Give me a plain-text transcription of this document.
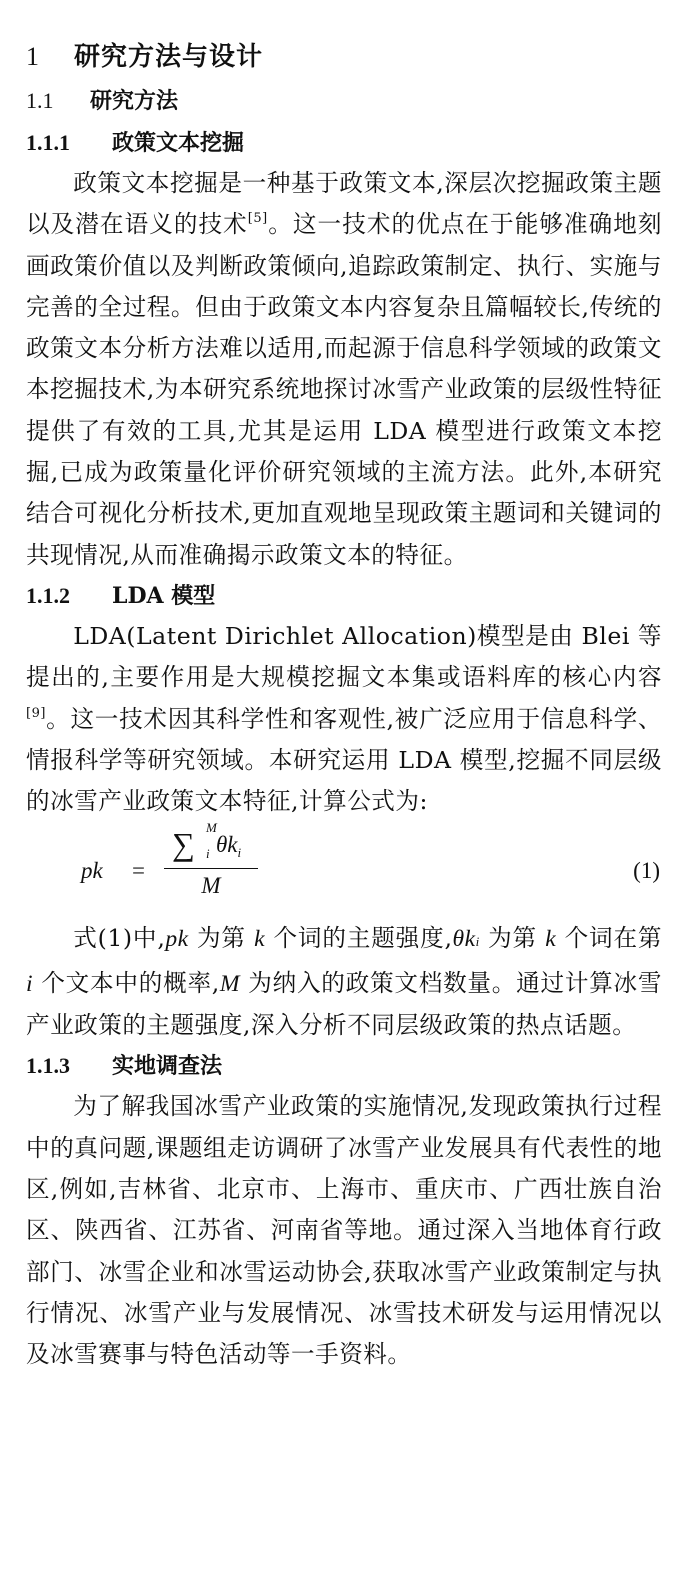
1 研究方法与设计
1.1 研究方法
1.1.1 政策文本挖掘

政策文本挖掘是一种基于政策文本,深层次挖掘政策主题以及潜在语义的技术[5]。这一技术的优点在于能够准确地刻画政策价值以及判断政策倾向,追踪政策制定、执行、实施与完善的全过程。但由于政策文本内容复杂且篇幅较长,传统的政策文本分析方法难以适用,而起源于信息科学领域的政策文本挖掘技术,为本研究系统地探讨冰雪产业政策的层级性特征提供了有效的工具,尤其是运用 LDA 模型进行政策文本挖掘,已成为政策量化评价研究领域的主流方法。此外,本研究结合可视化分析技术,更加直观地呈现政策主题词和关键词的共现情况,从而准确揭示政策文本的特征。

1.1.2 LDA 模型

LDA(Latent Dirichlet Allocation)模型是由 Blei 等提出的,主要作用是大规模挖掘文本集或语料库的核心内容[9]。这一技术因其科学性和客观性,被广泛应用于信息科学、情报科学等研究领域。本研究运用 LDA 模型,挖掘不同层级的冰雪产业政策文本特征,计算公式为:

pk =
∑ M
i $\theta k_i$
M
(1)

式(1)中,pk 为第 k 个词的主题强度,θki 为第 k 个词在第 i 个文本中的概率,M 为纳入的政策文档数量。通过计算冰雪产业政策的主题强度,深入分析不同层级政策的热点话题。

1.1.3 实地调查法

为了解我国冰雪产业政策的实施情况,发现政策执行过程中的真问题,课题组走访调研了冰雪产业发展具有代表性的地区,例如,吉林省、北京市、上海市、重庆市、广西壮族自治区、陕西省、江苏省、河南省等地。通过深入当地体育行政部门、冰雪企业和冰雪运动协会,获取冰雪产业政策制定与执行情况、冰雪产业与发展情况、冰雪技术研发与运用情况以及冰雪赛事与特色活动等一手资料。
